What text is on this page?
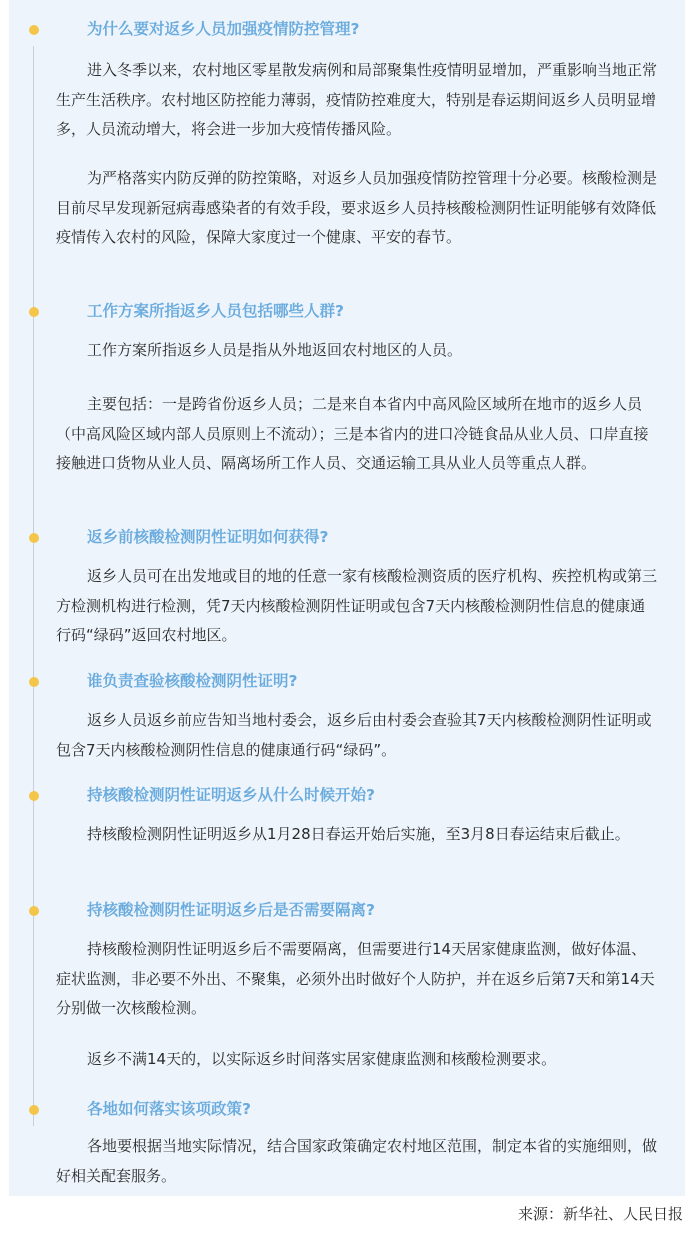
为什么要对返乡人员加强疫情防控管理?

进入冬季以来，农村地区零星散发病例和局部聚集性疫情明显增加，严重影响当地正常生产生活秩序。农村地区防控能力薄弱，疫情防控难度大，特别是春运期间返乡人员明显增多，人员流动增大，将会进一步加大疫情传播风险。

为严格落实内防反弹的防控策略，对返乡人员加强疫情防控管理十分必要。核酸检测是目前尽早发现新冠病毒感染者的有效手段，要求返乡人员持核酸检测阴性证明能够有效降低疫情传入农村的风险，保障大家度过一个健康、平安的春节。

工作方案所指返乡人员包括哪些人群?

工作方案所指返乡人员是指从外地返回农村地区的人员。

主要包括：一是跨省份返乡人员；二是来自本省内中高风险区域所在地市的返乡人员（中高风险区域内部人员原则上不流动）；三是本省内的进口冷链食品从业人员、口岸直接接触进口货物从业人员、隔离场所工作人员、交通运输工具从业人员等重点人群。

返乡前核酸检测阴性证明如何获得?

返乡人员可在出发地或目的地的任意一家有核酸检测资质的医疗机构、疾控机构或第三方检测机构进行检测，凭7天内核酸检测阴性证明或包含7天内核酸检测阴性信息的健康通行码“绿码”返回农村地区。

谁负责查验核酸检测阴性证明?

返乡人员返乡前应告知当地村委会，返乡后由村委会查验其7天内核酸检测阴性证明或包含7天内核酸检测阴性信息的健康通行码“绿码”。

持核酸检测阴性证明返乡从什么时候开始?

持核酸检测阴性证明返乡从1月28日春运开始后实施，至3月8日春运结束后截止。

持核酸检测阴性证明返乡后是否需要隔离?

持核酸检测阴性证明返乡后不需要隔离，但需要进行14天居家健康监测，做好体温、症状监测，非必要不外出、不聚集，必须外出时做好个人防护，并在返乡后第7天和第14天分别做一次核酸检测。

返乡不满14天的，以实际返乡时间落实居家健康监测和核酸检测要求。

各地如何落实该项政策?

各地要根据当地实际情况，结合国家政策确定农村地区范围，制定本省的实施细则，做好相关配套服务。

来源：新华社、人民日报
